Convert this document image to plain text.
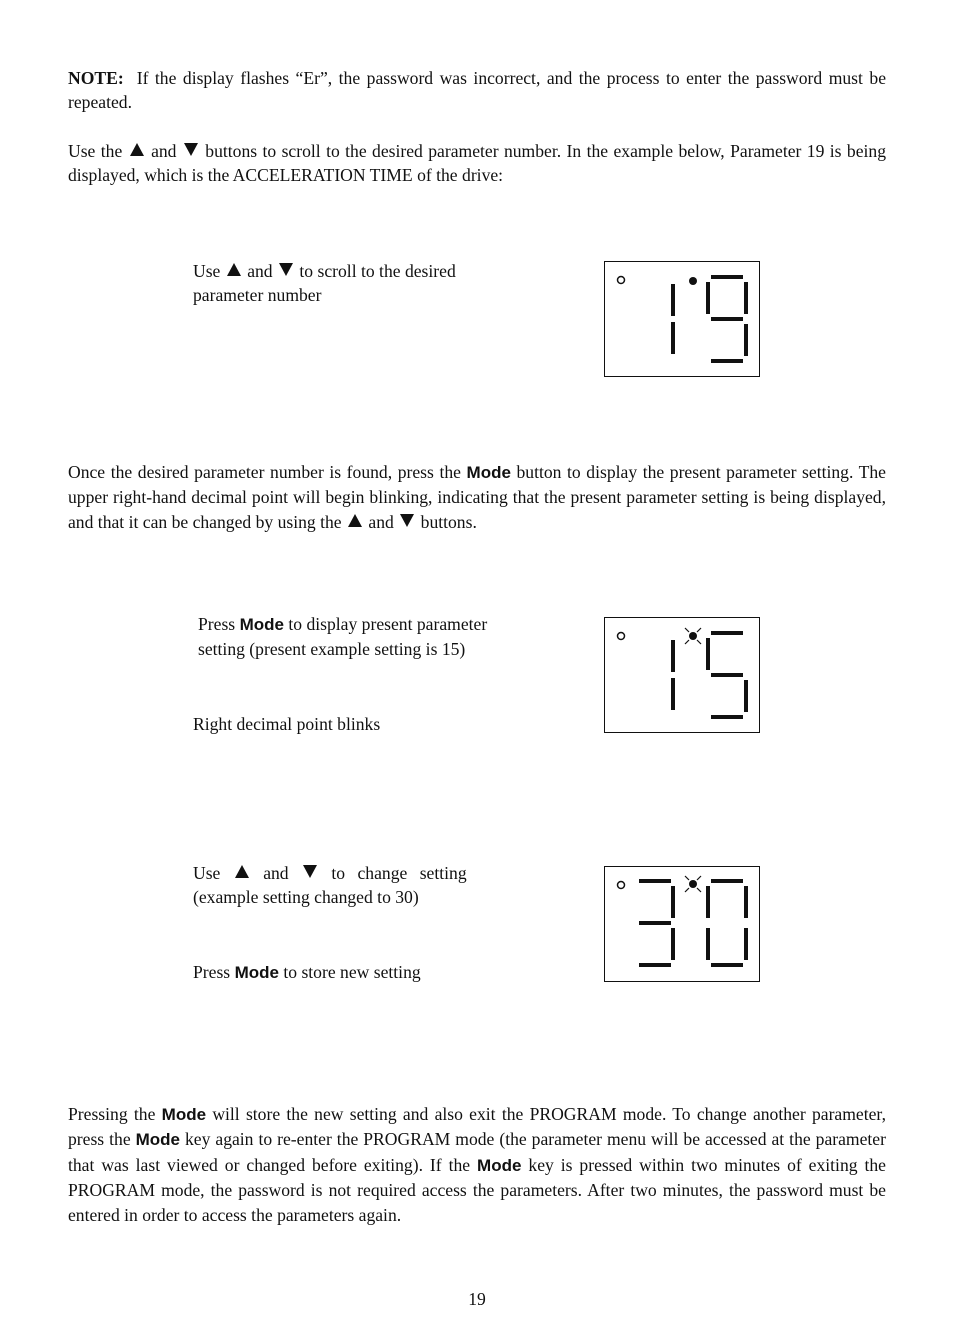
NOTE: If the display flashes “Er”, the password was incorrect, and the process to enter the password must be repeated.
Use the and buttons to scroll to the desired parameter number. In the example below, Parameter 19 is being displayed, which is the ACCELERATION TIME of the drive:
Use and to scroll to the desired
parameter number
Once the desired parameter number is found, press the Mode button to display the present parameter setting. The upper right-hand decimal point will begin blinking, indicating that the present parameter setting is being displayed, and that it can be changed by using the and buttons.
Press Mode to display present parameter
setting (present example setting is 15)
Right decimal point blinks
Use and to change setting
(example setting changed to 30)
Press Mode to store new setting
Pressing the Mode will store the new setting and also exit the PROGRAM mode. To change another parameter, press the Mode key again to re-enter the PROGRAM mode (the parameter menu will be accessed at the parameter that was last viewed or changed before exiting). If the Mode key is pressed within two minutes of exiting the PROGRAM mode, the password is not required access the parameters. After two minutes, the password must be entered in order to access the parameters again.
19
